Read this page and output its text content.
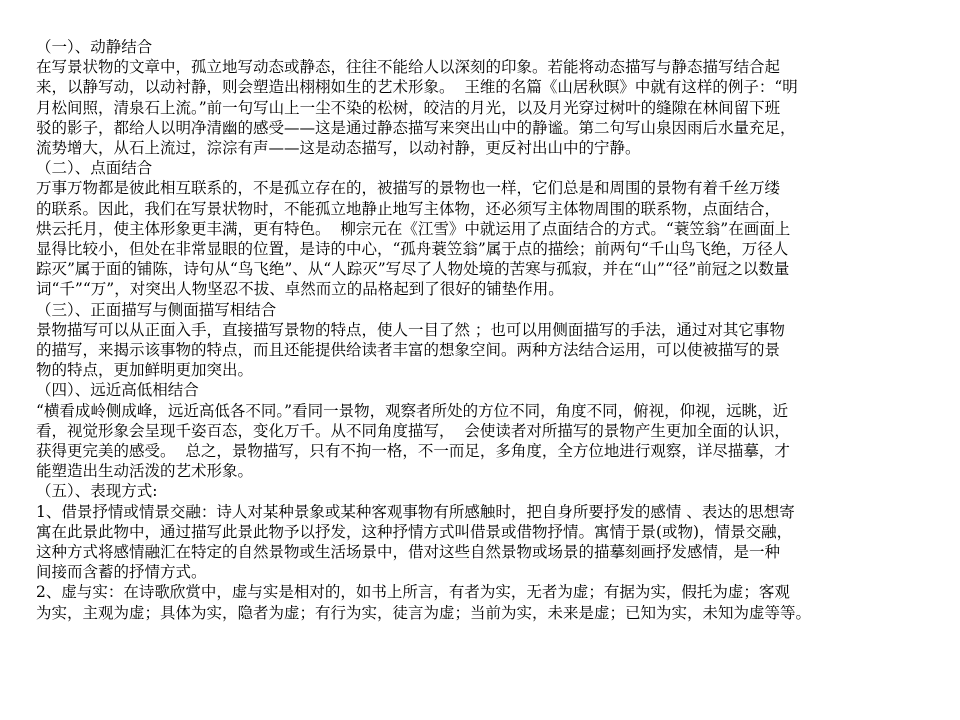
（一）、动静结合
在写景状物的文章中，孤立地写动态或静态，往往不能给人以深刻的印象。若能将动态描写与静态描写结合起
来，以静写动，以动衬静，则会塑造出栩栩如生的艺术形象。  王维的名篇《山居秋暝》中就有这样的例子：“明
月松间照，清泉石上流。”前一句写山上一尘不染的松树，皎洁的月光，以及月光穿过树叶的缝隙在林间留下班
驳的影子，都给人以明净清幽的感受——这是通过静态描写来突出山中的静谧。第二句写山泉因雨后水量充足，
流势增大，从石上流过，淙淙有声——这是动态描写，以动衬静，更反衬出山中的宁静。
（二）、点面结合
万事万物都是彼此相互联系的，不是孤立存在的，被描写的景物也一样，它们总是和周围的景物有着千丝万缕
的联系。因此，我们在写景状物时，不能孤立地静止地写主体物，还必须写主体物周围的联系物，点面结合，
烘云托月，使主体形象更丰满，更有特色。  柳宗元在《江雪》中就运用了点面结合的方式。“蓑笠翁”在画面上
显得比较小，但处在非常显眼的位置，是诗的中心，“孤舟蓑笠翁”属于点的描绘；前两句“千山鸟飞绝，万径人
踪灭”属于面的铺陈，诗句从“鸟飞绝”、从“人踪灭”写尽了人物处境的苦寒与孤寂，并在“山”“径”前冠之以数量
词“千”“万”，对突出人物坚忍不拔、卓然而立的品格起到了很好的铺垫作用。
（三）、正面描写与侧面描写相结合
景物描写可以从正面入手，直接描写景物的特点，使人一目了然 ；也可以用侧面描写的手法，通过对其它事物
的描写，来揭示该事物的特点，而且还能提供给读者丰富的想象空间。两种方法结合运用，可以使被描写的景
物的特点，更加鲜明更加突出。
（四）、远近高低相结合
“横看成岭侧成峰，远近高低各不同。”看同一景物，观察者所处的方位不同，角度不同，俯视，仰视，远眺，近
看，视觉形象会呈现千姿百态，变化万千。从不同角度描写，  会使读者对所描写的景物产生更加全面的认识，
获得更完美的感受。  总之，景物描写，只有不拘一格，不一而足，多角度，全方位地进行观察，详尽描摹，才
能塑造出生动活泼的艺术形象。
（五）、表现方式:
1、借景抒情或情景交融：诗人对某种景象或某种客观事物有所感触时，把自身所要抒发的感情 、表达的思想寄
寓在此景此物中，通过描写此景此物予以抒发，这种抒情方式叫借景或借物抒情。寓情于景(或物)，情景交融，
这种方式将感情融汇在特定的自然景物或生活场景中，借对这些自然景物或场景的描摹刻画抒发感情，是一种
间接而含蓄的抒情方式。
2、虚与实：在诗歌欣赏中，虚与实是相对的，如书上所言，有者为实，无者为虚；有据为实，假托为虚；客观
为实，主观为虚；具体为实，隐者为虚；有行为实，徒言为虚；当前为实，未来是虚；已知为实，未知为虚等等。
